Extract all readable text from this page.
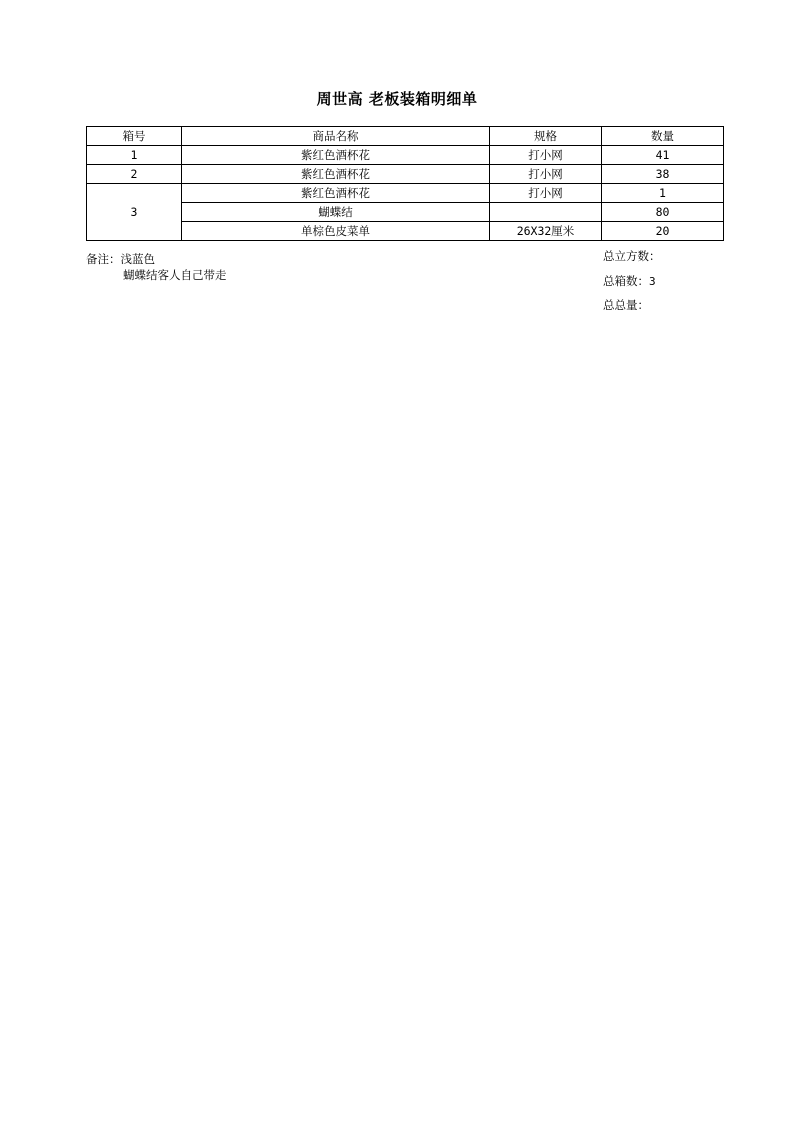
周世高 老板装箱明细单
箱号	商品名称	规格	数量
1	紫红色酒杯花	打小网	41
2	紫红色酒杯花	打小网	38
3	紫红色酒杯花	打小网	1
	蝴蝶结		80
	单棕色皮菜单	26X32厘米	20
备注：浅蓝色
蝴蝶结客人自己带走
总立方数：
总箱数：3
总总量：
